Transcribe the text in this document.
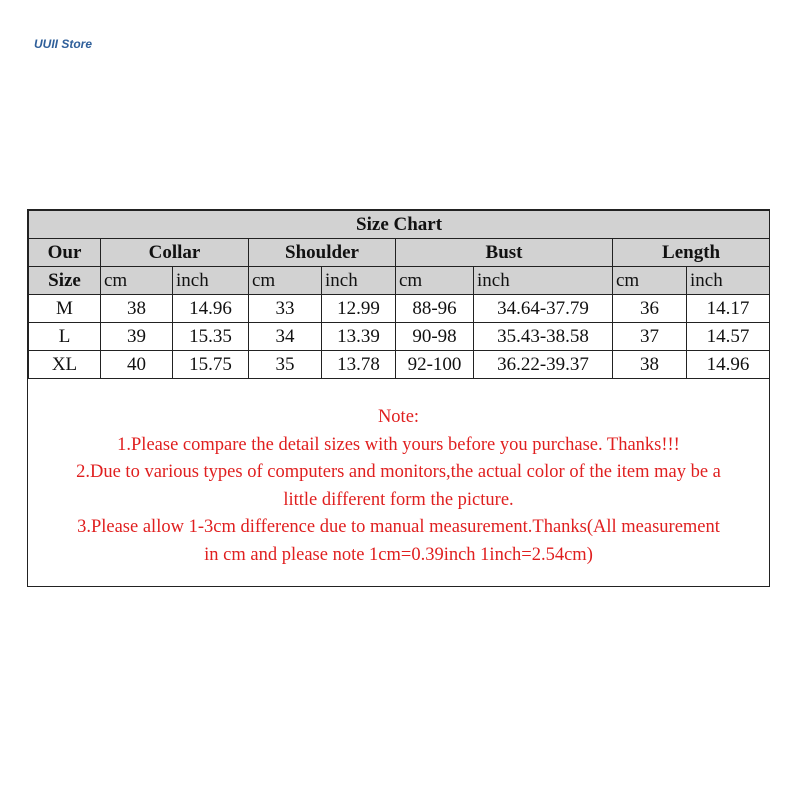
UUII Store
Size Chart								
Our	Collar		Shoulder		Bust		Length	
Size	cm	inch	cm	inch	cm	inch	cm	inch
M	38	14.96	33	12.99	88-96	34.64-37.79	36	14.17
L	39	15.35	34	13.39	90-98	35.43-38.58	37	14.57
XL	40	15.75	35	13.78	92-100	36.22-39.37	38	14.96
Note:
1.Please compare the detail sizes with yours before you purchase. Thanks!!!
2.Due to various types of computers and monitors,the actual color of the item may be a
little different form the picture.
3.Please allow 1-3cm difference due to manual measurement.Thanks(All measurement
in cm and please note 1cm=0.39inch 1inch=2.54cm)
